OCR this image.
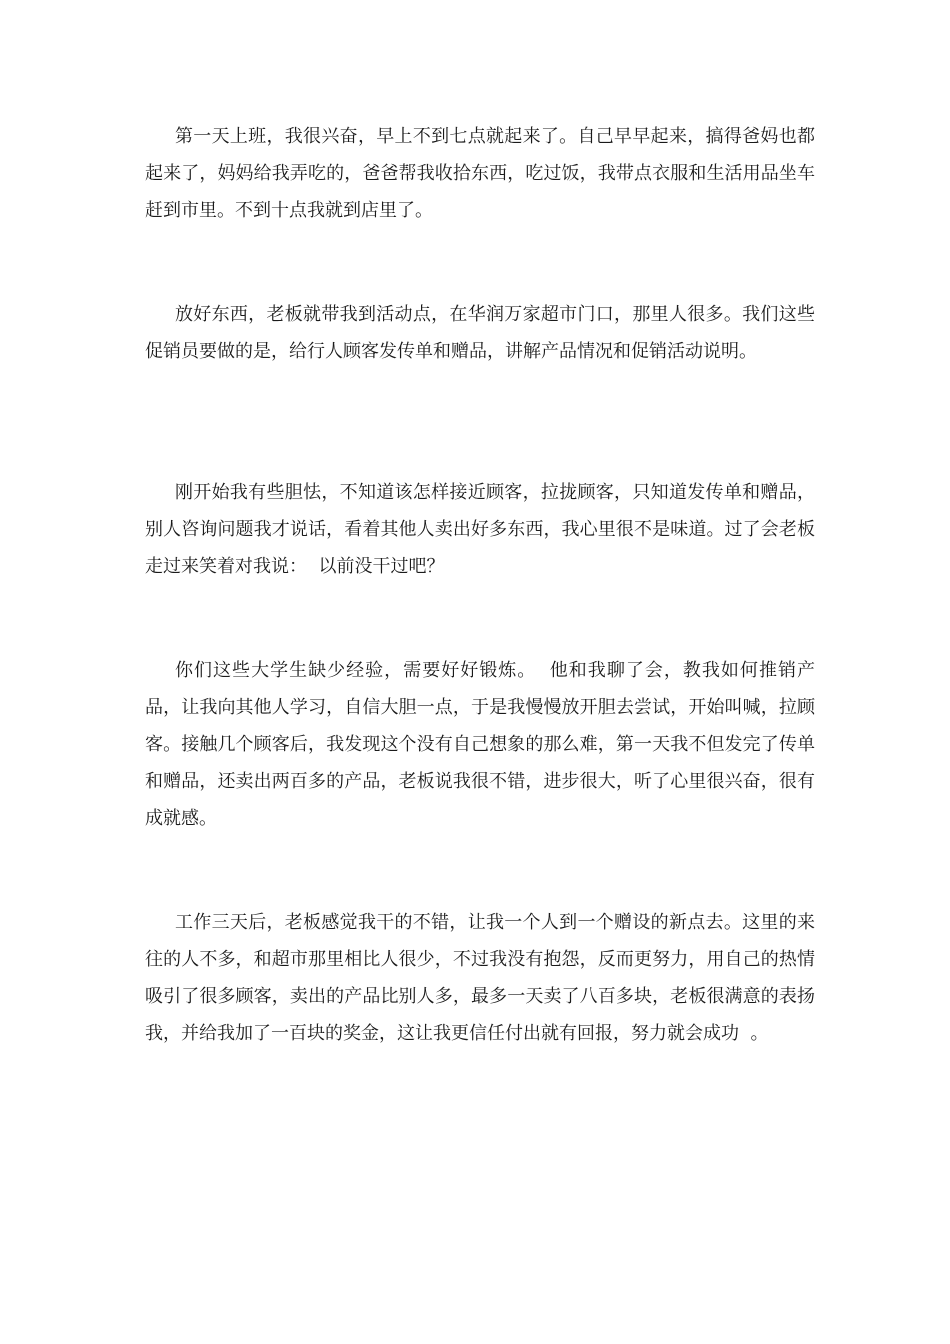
第一天上班，我很兴奋，早上不到七点就起来了。自己早早起来，搞得爸妈也都起来了，妈妈给我弄吃的，爸爸帮我收拾东西，吃过饭，我带点衣服和生活用品坐车赶到市里。不到十点我就到店里了。

放好东西，老板就带我到活动点，在华润万家超市门口，那里人很多。我们这些促销员要做的是，给行人顾客发传单和赠品，讲解产品情况和促销活动说明。

刚开始我有些胆怯，不知道该怎样接近顾客，拉拢顾客，只知道发传单和赠品，别人咨询问题我才说话，看着其他人卖出好多东西，我心里很不是味道。过了会老板走过来笑着对我说：  以前没干过吧？

你们这些大学生缺少经验，需要好好锻炼。  他和我聊了会，教我如何推销产品，让我向其他人学习，自信大胆一点，于是我慢慢放开胆去尝试，开始叫喊，拉顾客。接触几个顾客后，我发现这个没有自己想象的那么难，第一天我不但发完了传单和赠品，还卖出两百多的产品，老板说我很不错，进步很大，听了心里很兴奋，很有成就感。

工作三天后，老板感觉我干的不错，让我一个人到一个赠设的新点去。这里的来往的人不多，和超市那里相比人很少，不过我没有抱怨，反而更努力，用自己的热情吸引了很多顾客，卖出的产品比别人多，最多一天卖了八百多块，老板很满意的表扬我，并给我加了一百块的奖金，这让我更信任付出就有回报，努力就会成功  。
